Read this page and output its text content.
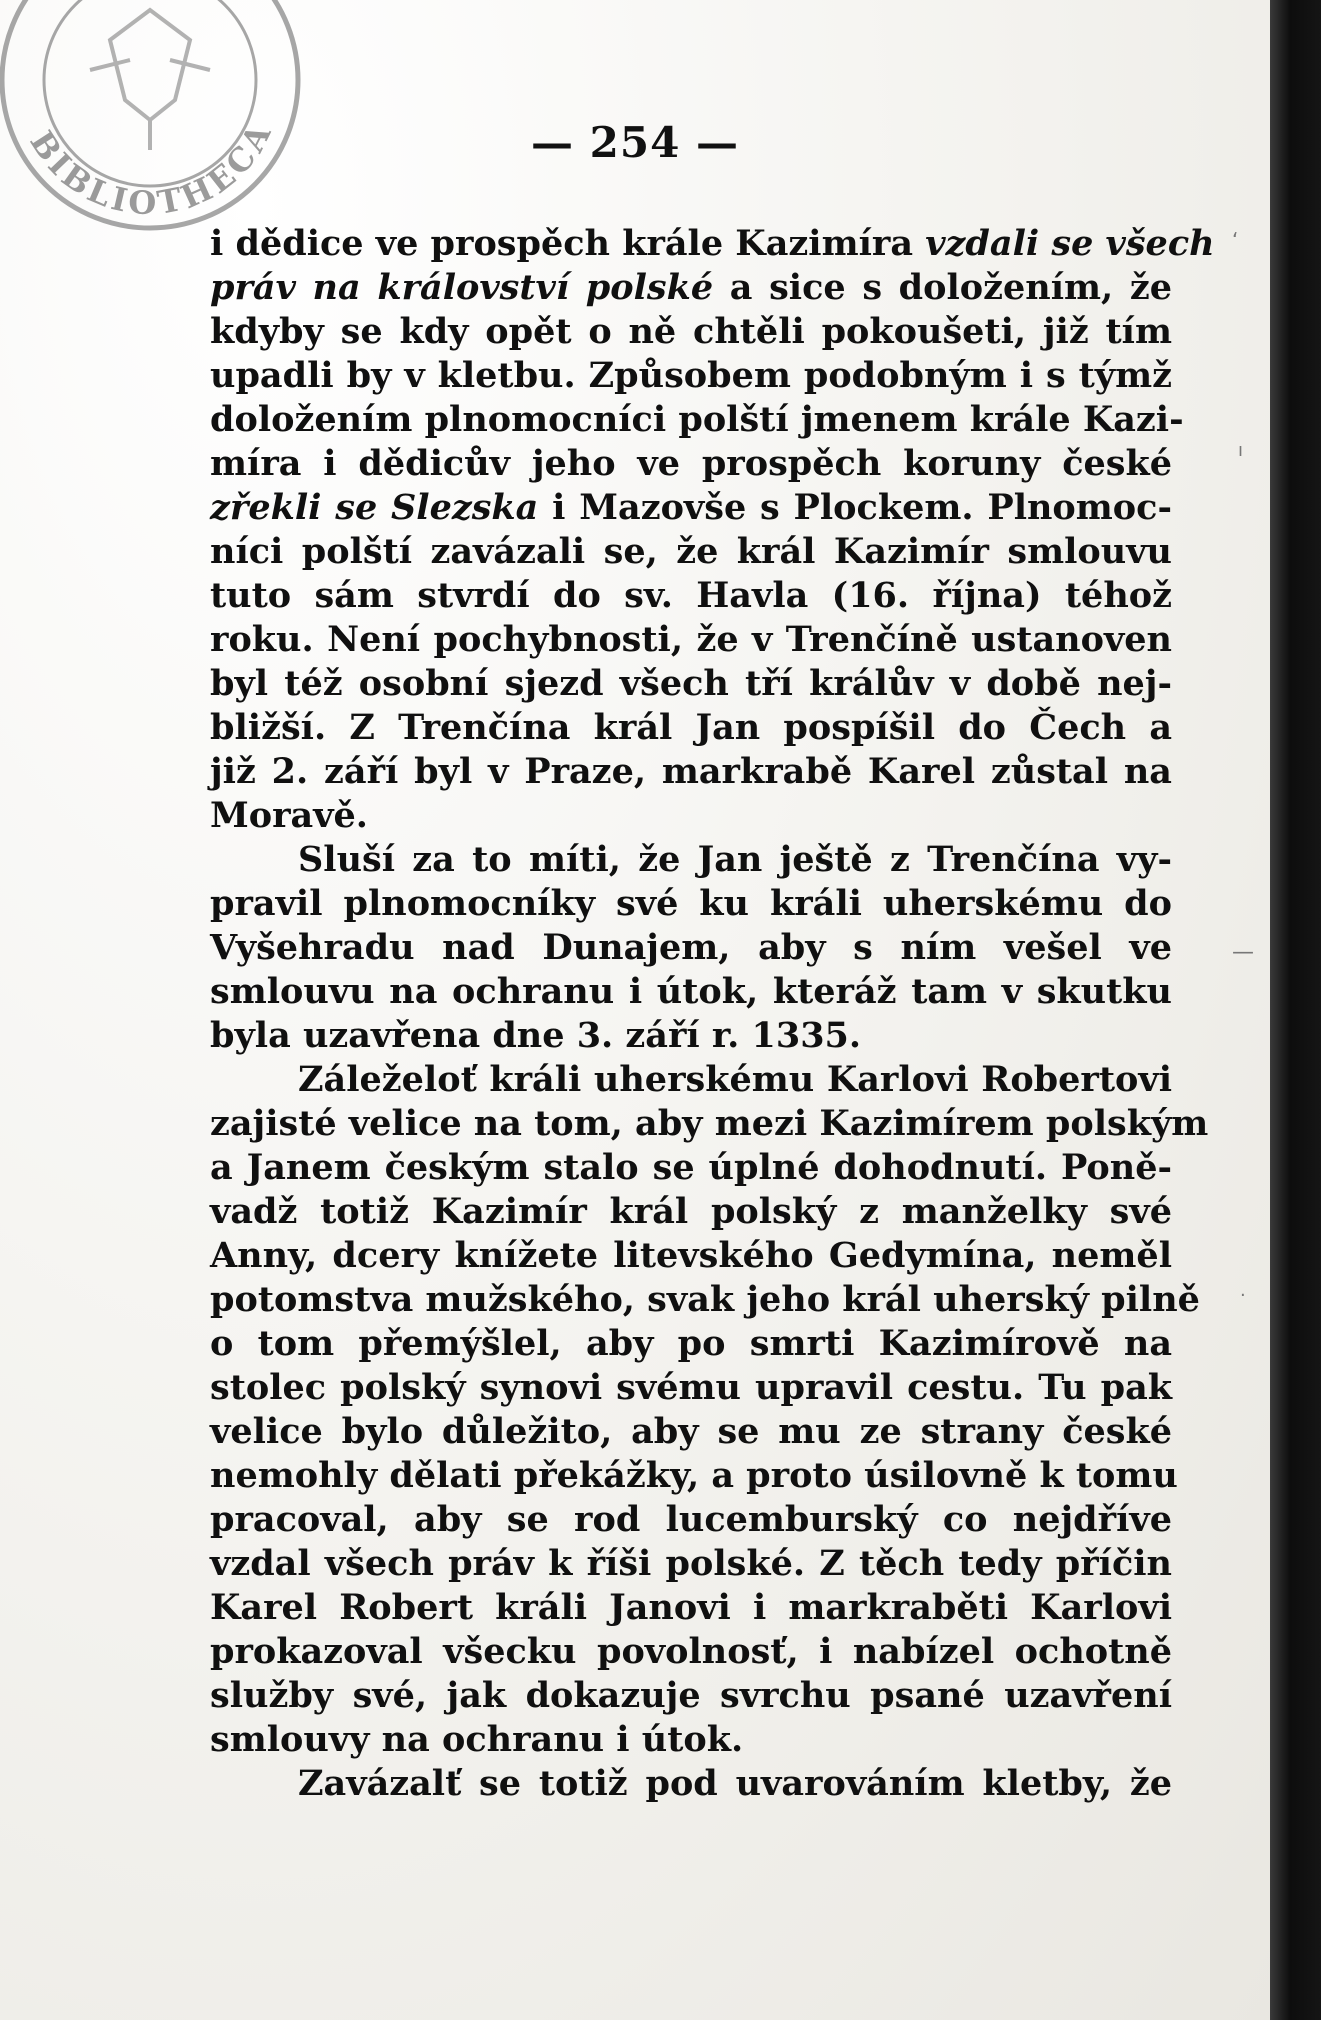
BIBLIOTHECA	— 254 —
i dědice ve prospěch krále Kazimíra vzdali se všech
práv na království polské a sice s doložením, že
kdyby se kdy opět o ně chtěli pokoušeti, již tím
upadli by v kletbu. Způsobem podobným i s týmž
doložením plnomocníci polští jmenem krále Kazi-
míra i dědicův jeho ve prospěch koruny české
zřekli se Slezska i Mazovše s Plockem. Plnomoc-
níci polští zavázali se, že král Kazimír smlouvu
tuto sám stvrdí do sv. Havla (16. října) téhož
roku. Není pochybnosti, že v Trenčíně ustanoven
byl též osobní sjezd všech tří králův v době nej-
bližší. Z Trenčína král Jan pospíšil do Čech a
již 2. září byl v Praze, markrabě Karel zůstal na
Moravě.
Sluší za to míti, že Jan ještě z Trenčína vy-
pravil plnomocníky své ku králi uherskému do
Vyšehradu nad Dunajem, aby s ním vešel ve
smlouvu na ochranu i útok, kteráž tam v skutku
byla uzavřena dne 3. září r. 1335.
Záleželoť králi uherskému Karlovi Robertovi
zajisté velice na tom, aby mezi Kazimírem polským
a Janem českým stalo se úplné dohodnutí. Poně-
vadž totiž Kazimír král polský z manželky své
Anny, dcery knížete litevského Gedymína, neměl
potomstva mužského, svak jeho král uherský pilně
o tom přemýšlel, aby po smrti Kazimírově na
stolec polský synovi svému upravil cestu. Tu pak
velice bylo důležito, aby se mu ze strany české
nemohly dělati překážky, a proto úsilovně k tomu
pracoval, aby se rod lucemburský co nejdříve
vzdal všech práv k říši polské. Z těch tedy příčin
Karel Robert králi Janovi i markraběti Karlovi
prokazoval všecku povolnosť, i nabízel ochotně
služby své, jak dokazuje svrchu psané uzavření
smlouvy na ochranu i útok.
Zavázalť se totiž pod uvarováním kletby, že
‘
ı
—
.
